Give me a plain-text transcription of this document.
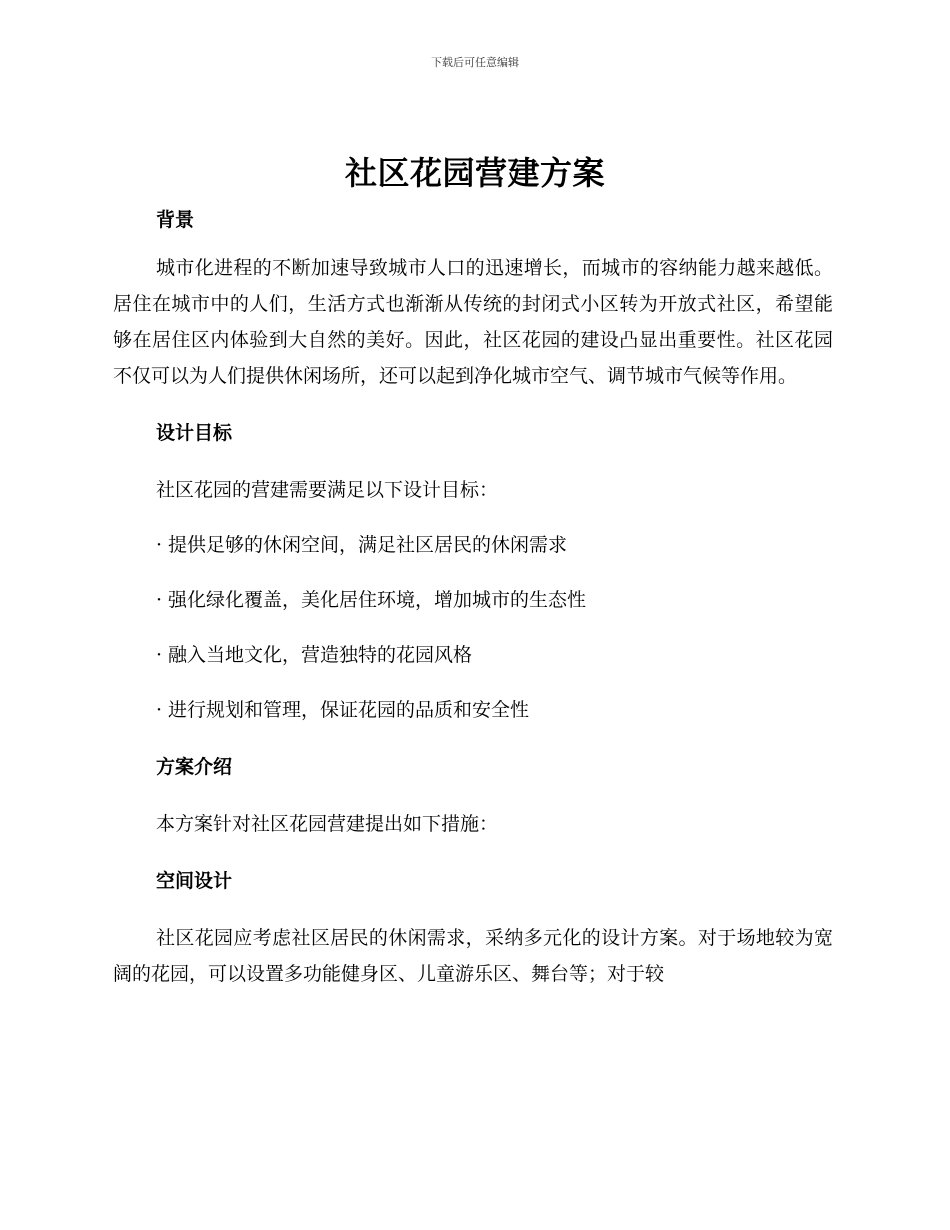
下载后可任意编辑
社区花园营建方案
背景

城市化进程的不断加速导致城市人口的迅速增长，而城市的容纳能力越来越低。居住在城市中的人们，生活方式也渐渐从传统的封闭式小区转为开放式社区，希望能够在居住区内体验到大自然的美好。因此，社区花园的建设凸显出重要性。社区花园不仅可以为人们提供休闲场所，还可以起到净化城市空气、调节城市气候等作用。

设计目标

社区花园的营建需要满足以下设计目标：

· 提供足够的休闲空间，满足社区居民的休闲需求

· 强化绿化覆盖，美化居住环境，增加城市的生态性

· 融入当地文化，营造独特的花园风格

· 进行规划和管理，保证花园的品质和安全性

方案介绍

本方案针对社区花园营建提出如下措施：

空间设计

社区花园应考虑社区居民的休闲需求，采纳多元化的设计方案。对于场地较为宽阔的花园，可以设置多功能健身区、儿童游乐区、舞台等；对于较
